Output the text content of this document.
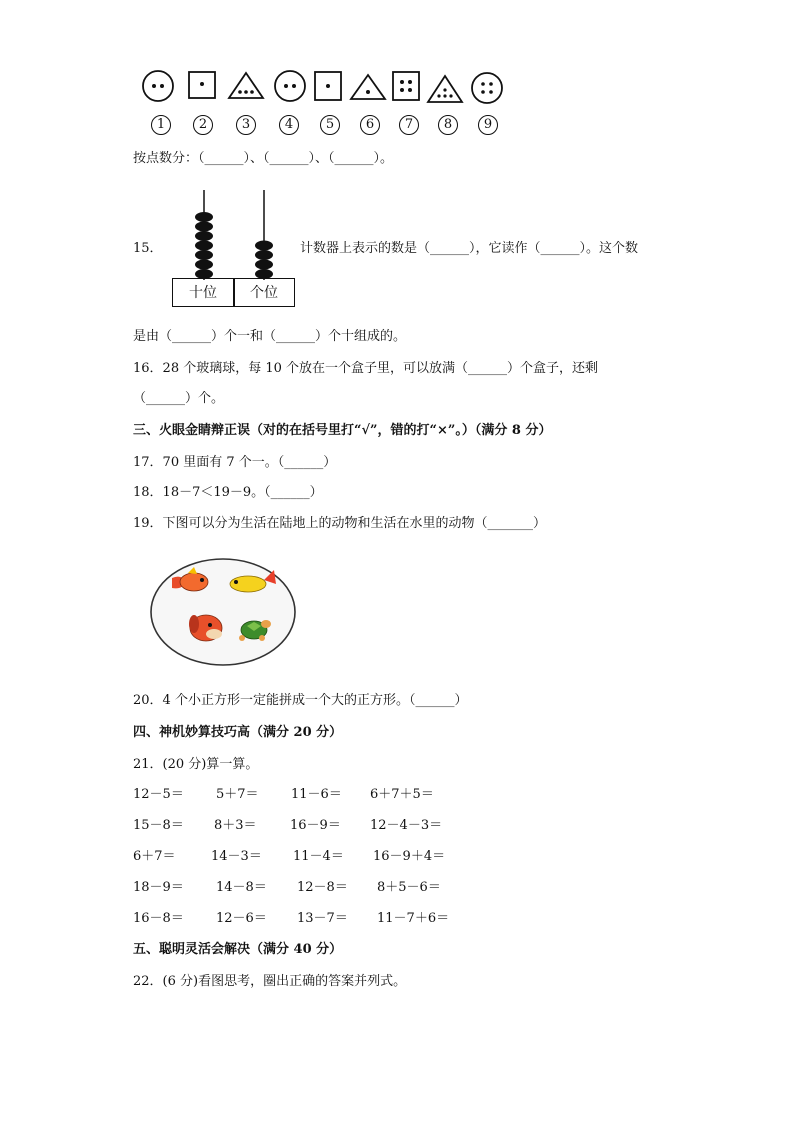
1	2	3	4	5	6	7	8	9
按点数分：（______）、（______）、（______）。
15．
十位	个位
计数器上表示的数是（______），它读作（______）。这个数
是由（______）个一和（______）个十组成的。
16．28 个玻璃球，每 10 个放在一个盒子里，可以放满（______）个盒子，还剩
（______）个。
三、火眼金睛辩正误（对的在括号里打“√”，错的打“×”。）（满分 8 分）
17．70 里面有 7 个一。（______）
18．18－7＜19－9。（______）
19．下图可以分为生活在陆地上的动物和生活在水里的动物（_______）
20．4 个小正方形一定能拼成一个大的正方形。（______）
四、神机妙算技巧高（满分 20 分）
21．(20 分)算一算。
12－5＝ 5＋7＝ 11－6＝ 6＋7＋5＝
15－8＝ 8＋3＝	16－9＝ 12－4－3＝
6＋7＝	14－3＝ 11－4＝ 16－9＋4＝
18－9＝ 14－8＝ 12－8＝ 8＋5－6＝
16－8＝ 12－6＝ 13－7＝ 11－7＋6＝
五、聪明灵活会解决（满分 40 分）
22．(6 分)看图思考，圈出正确的答案并列式。
